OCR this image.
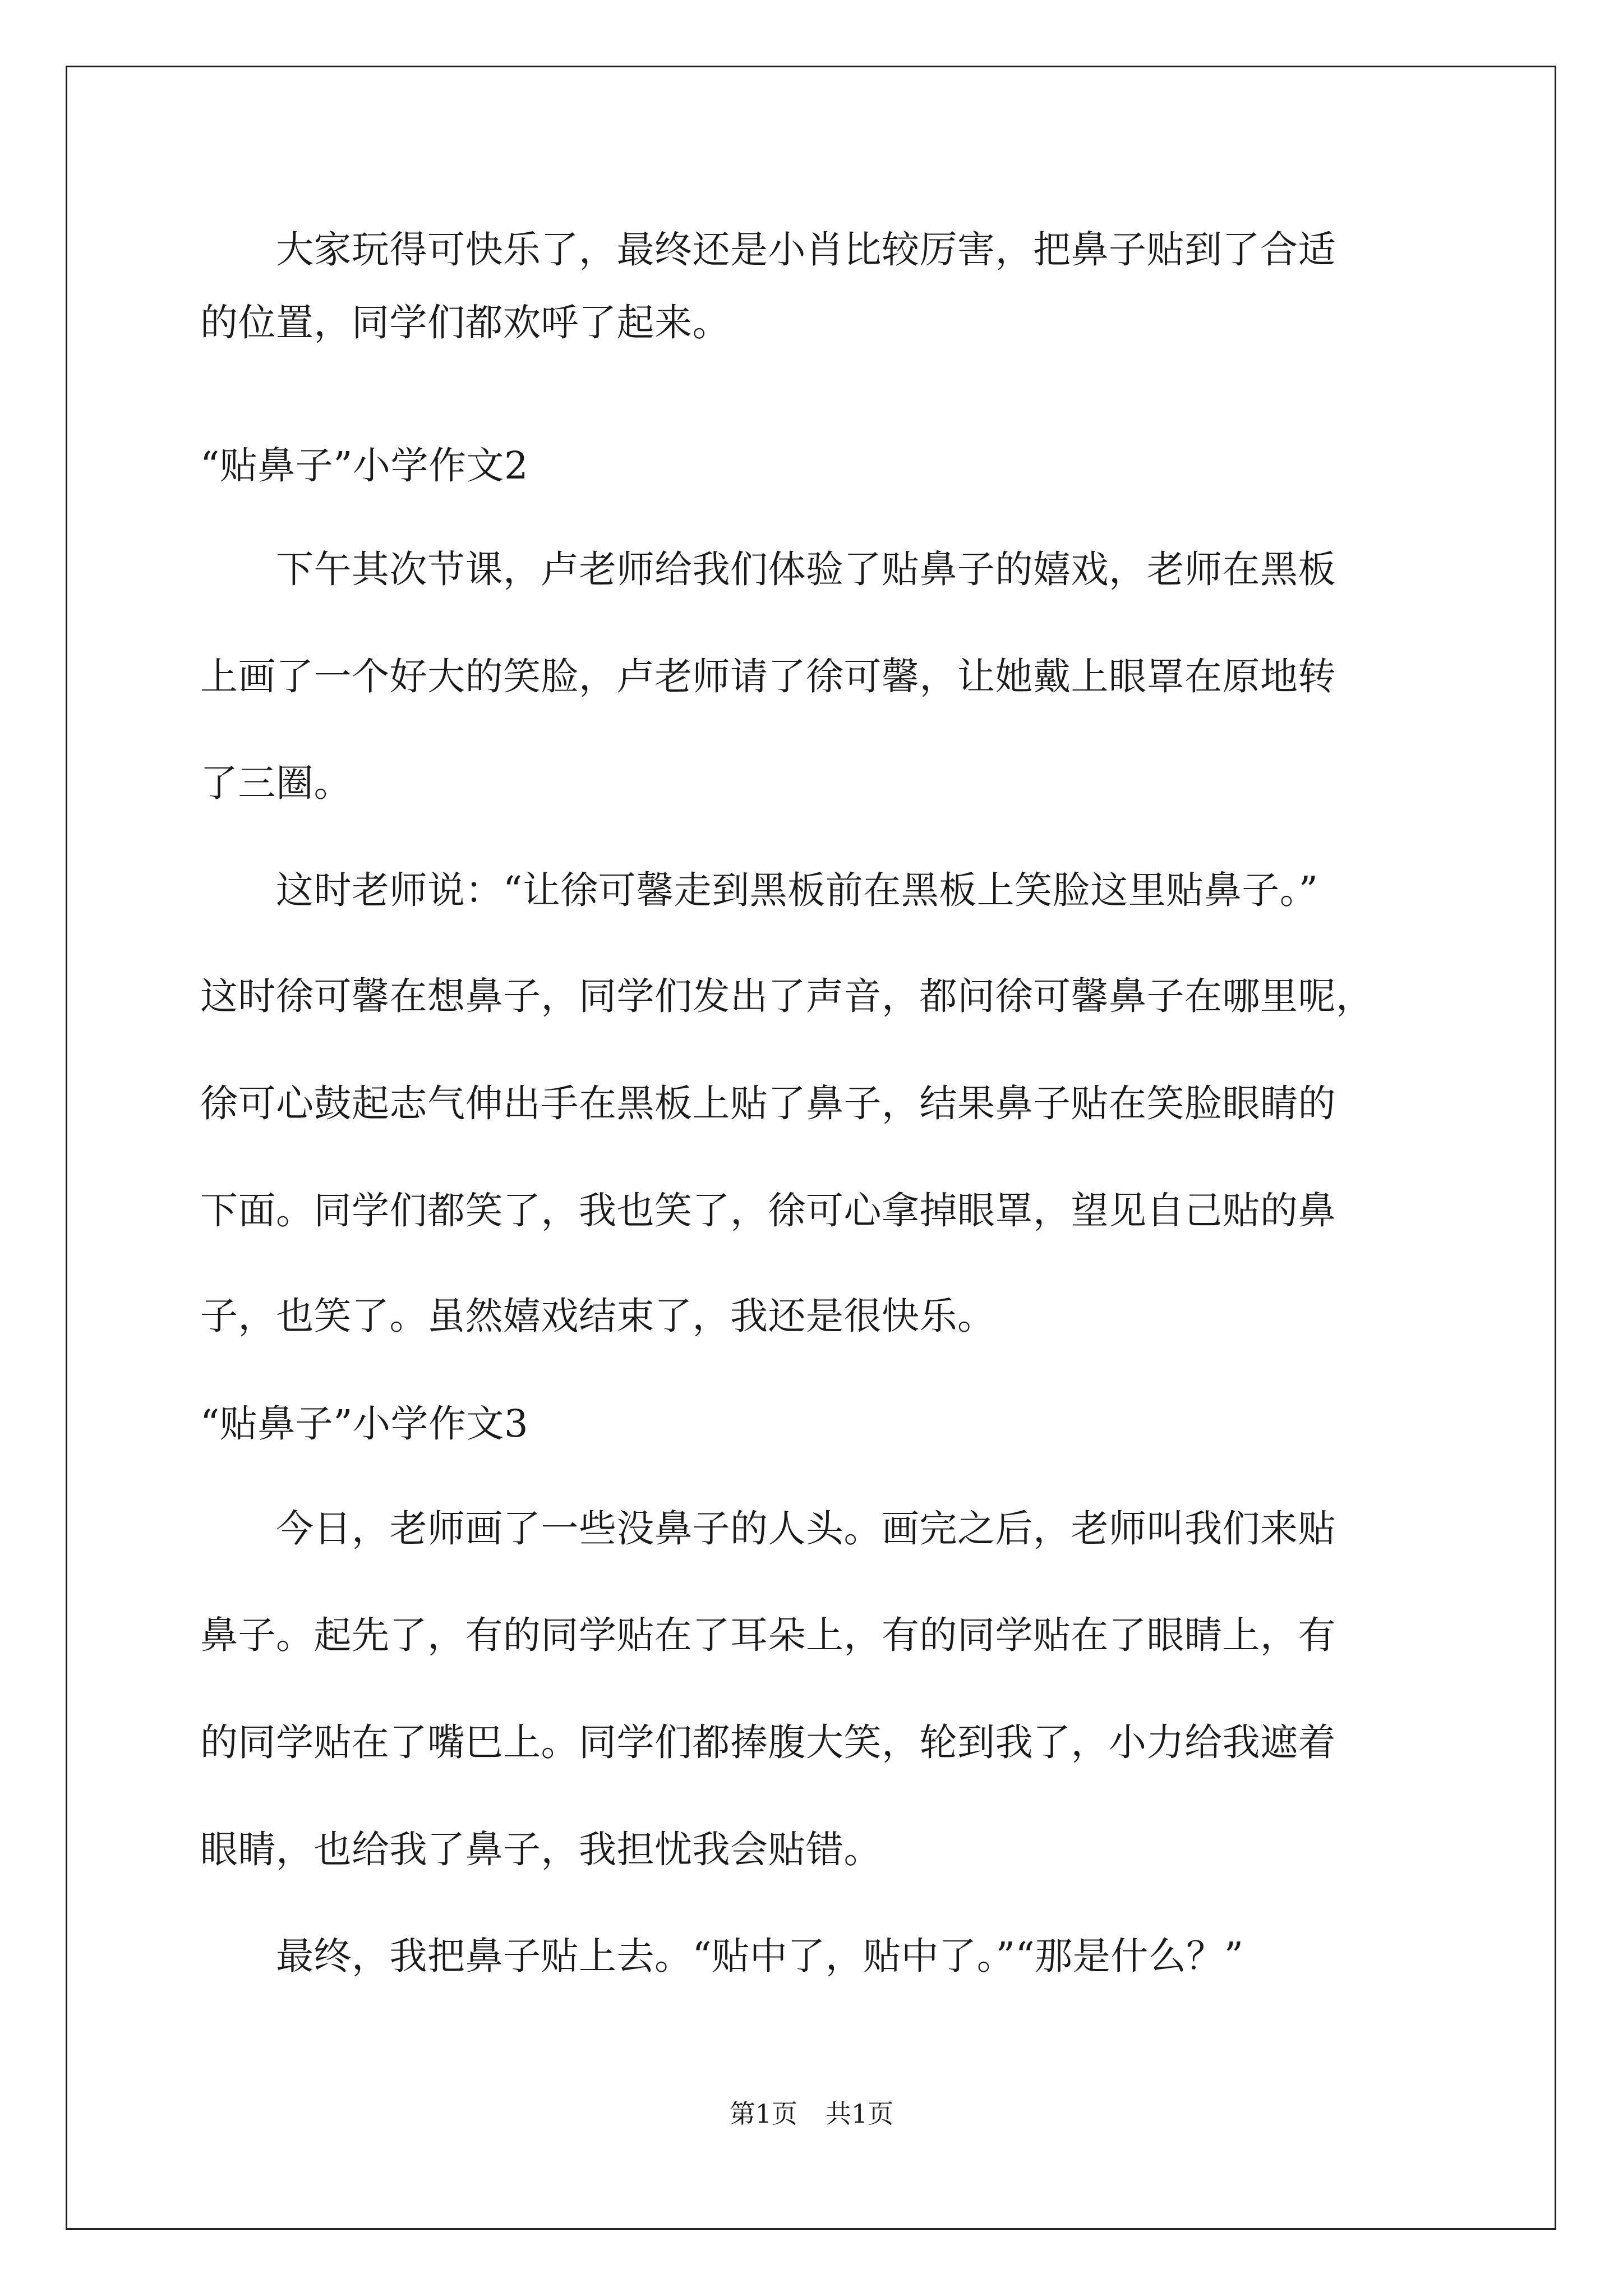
　　大家玩得可快乐了，最终还是小肖比较厉害，把鼻子贴到了合适
的位置，同学们都欢呼了起来。
“贴鼻子”小学作文2
　　下午其次节课，卢老师给我们体验了贴鼻子的嬉戏，老师在黑板
上画了一个好大的笑脸，卢老师请了徐可馨，让她戴上眼罩在原地转
了三圈。
　　这时老师说：“让徐可馨走到黑板前在黑板上笑脸这里贴鼻子。”
这时徐可馨在想鼻子，同学们发出了声音，都问徐可馨鼻子在哪里呢，
徐可心鼓起志气伸出手在黑板上贴了鼻子，结果鼻子贴在笑脸眼睛的
下面。同学们都笑了，我也笑了，徐可心拿掉眼罩，望见自己贴的鼻
子，也笑了。虽然嬉戏结束了，我还是很快乐。
“贴鼻子”小学作文3
　　今日，老师画了一些没鼻子的人头。画完之后，老师叫我们来贴
鼻子。起先了，有的同学贴在了耳朵上，有的同学贴在了眼睛上，有
的同学贴在了嘴巴上。同学们都捧腹大笑，轮到我了，小力给我遮着
眼睛，也给我了鼻子，我担忧我会贴错。
　　最终，我把鼻子贴上去。“贴中了，贴中了。”“那是什么？”
第1页 共1页
